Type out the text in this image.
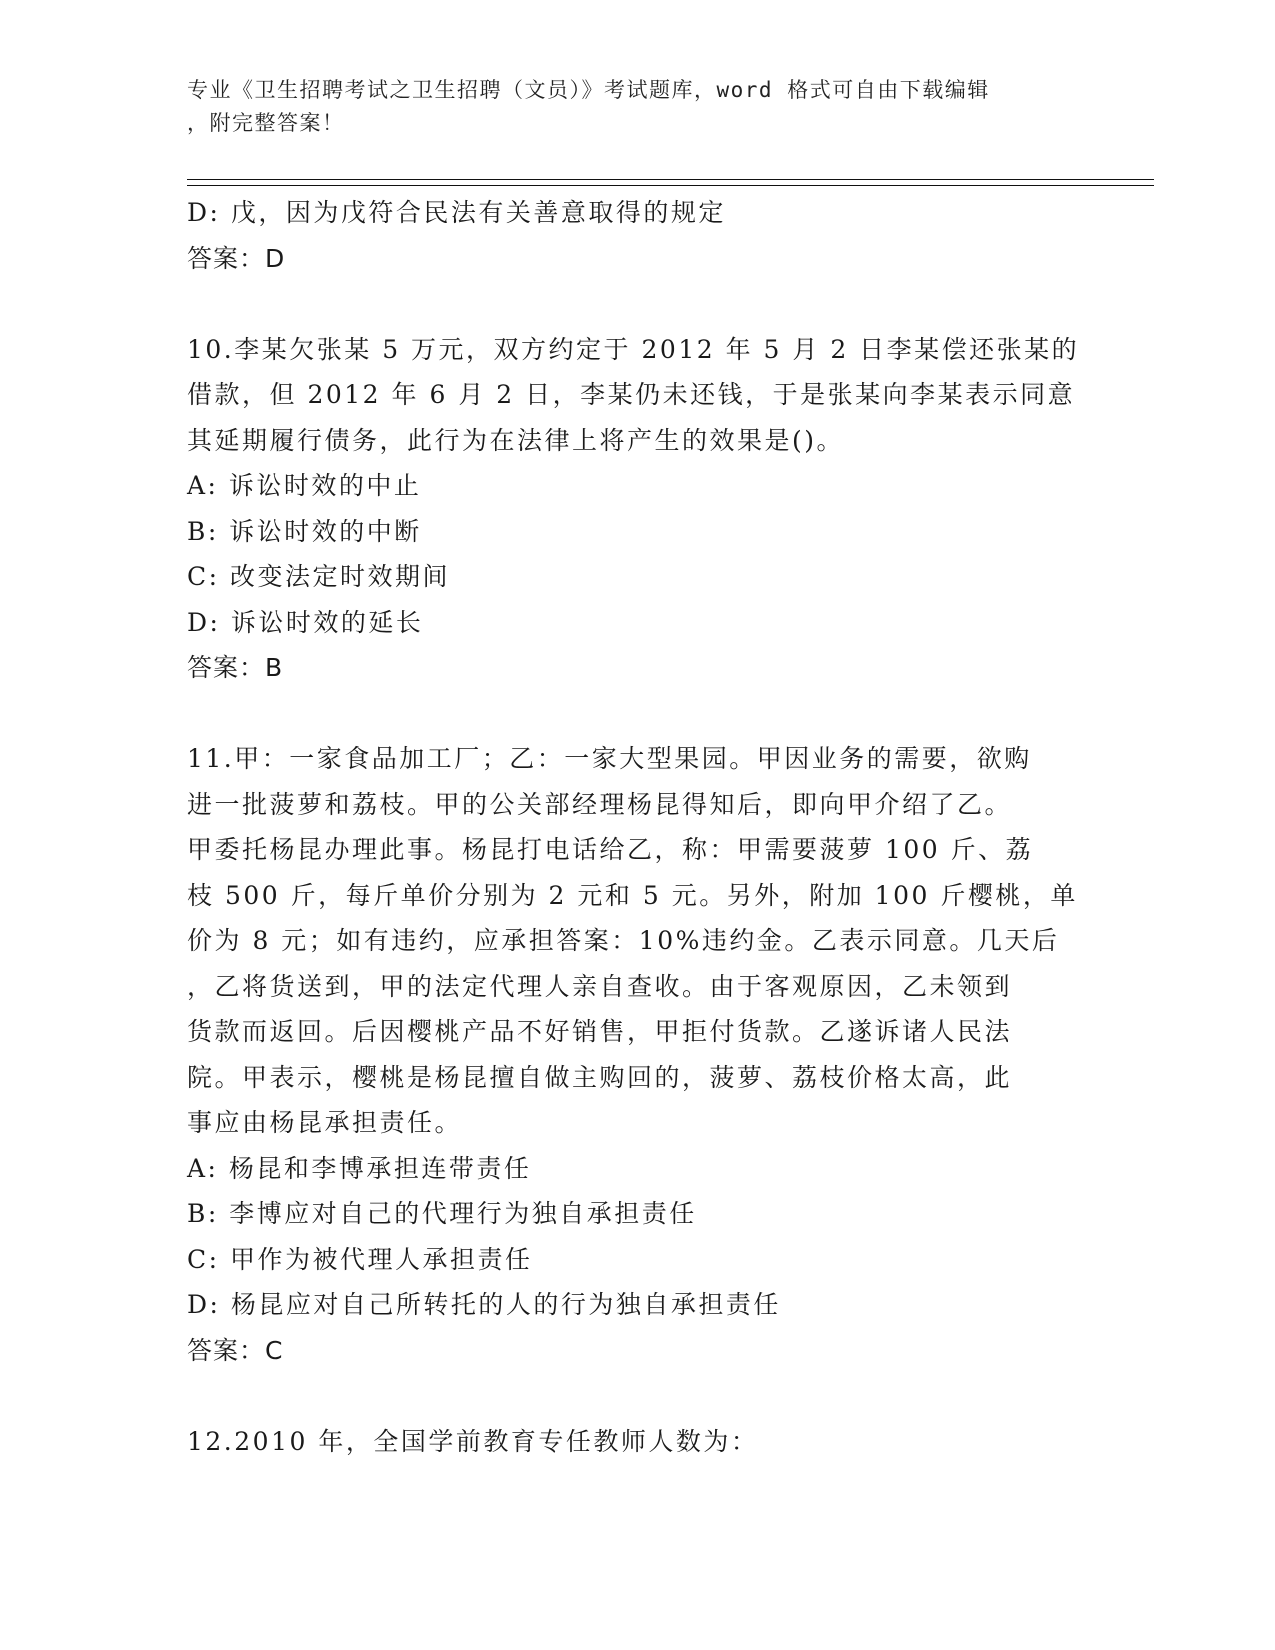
专业《卫生招聘考试之卫生招聘（文员）》考试题库，word 格式可自由下载编辑
，附完整答案！
D: 戊，因为戊符合民法有关善意取得的规定
答案：D
10.李某欠张某 5 万元，双方约定于 2012 年 5 月 2 日李某偿还张某的
借款，但 2012 年 6 月 2 日，李某仍未还钱，于是张某向李某表示同意
其延期履行债务，此行为在法律上将产生的效果是()。
A: 诉讼时效的中止
B: 诉讼时效的中断
C: 改变法定时效期间
D: 诉讼时效的延长
答案：B
11.甲：一家食品加工厂；乙：一家大型果园。甲因业务的需要，欲购
进一批菠萝和荔枝。甲的公关部经理杨昆得知后，即向甲介绍了乙。
甲委托杨昆办理此事。杨昆打电话给乙，称：甲需要菠萝 100 斤、荔
枝 500 斤，每斤单价分别为 2 元和 5 元。另外，附加 100 斤樱桃，单
价为 8 元；如有违约，应承担答案：10%违约金。乙表示同意。几天后
，乙将货送到，甲的法定代理人亲自查收。由于客观原因，乙未领到
货款而返回。后因樱桃产品不好销售，甲拒付货款。乙遂诉诸人民法
院。甲表示，樱桃是杨昆擅自做主购回的，菠萝、荔枝价格太高，此
事应由杨昆承担责任。
A: 杨昆和李博承担连带责任
B: 李博应对自己的代理行为独自承担责任
C: 甲作为被代理人承担责任
D: 杨昆应对自己所转托的人的行为独自承担责任
答案：C
12.2010 年，全国学前教育专任教师人数为：
